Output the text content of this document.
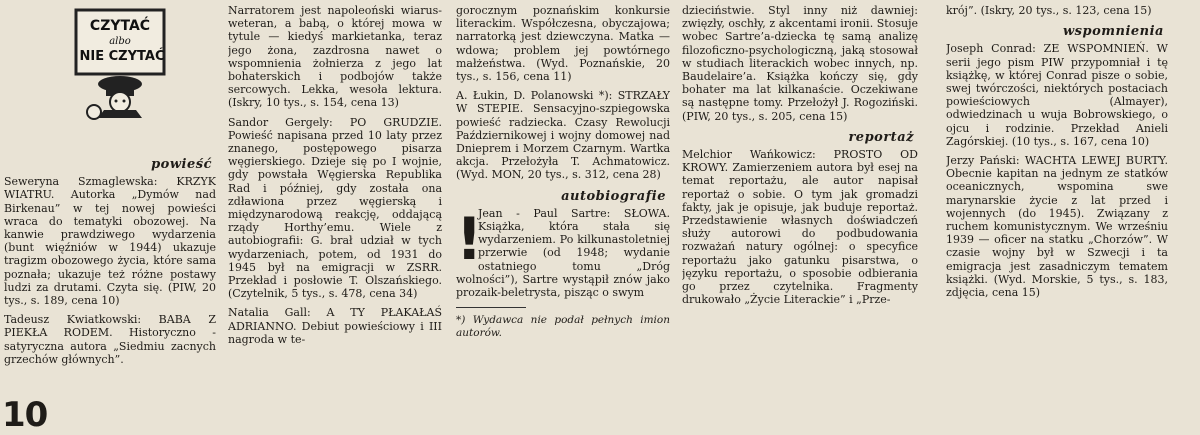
CZYTAĆ
albo
NIE CZYTAĆ
powieść

Seweryna Szmaglewska: KRZYK WIATRU. Autorka „Dymów nad Birkenau” w tej nowej powieści wraca do tematyki obozowej. Na kanwie prawdziwego wydarzenia (bunt więźniów w 1944) ukazuje tragizm obozowego życia, które sama poznała; ukazuje też różne postawy ludzi za drutami. Czyta się. (PIW, 20 tys., s. 189, cena 10)

Tadeusz Kwiatkowski: BABA Z PIEKŁA RODEM. Historyczno - satyryczna autora „Siedmiu zacnych grzechów głównych”.

Narratorem jest napoleoński wiarus-weteran, a babą, o której mowa w tytule — kiedyś markietanka, teraz jego żona, zazdrosna nawet o wspomnienia żołnierza z jego lat bohaterskich i podbojów także sercowych. Lekka, wesoła lektura. (Iskry, 10 tys., s. 154, cena 13)

Sandor Gergely: PO GRUDZIE. Powieść napisana przed 10 laty przez znanego, postępowego pisarza węgierskiego. Dzieje się po I wojnie, gdy powstała Węgierska Republika Rad i później, gdy została ona zdławiona przez węgierską i międzynarodową reakcję, oddającą rządy Horthy’emu. Wiele z autobiografii: G. brał udział w tych wydarzeniach, potem, od 1931 do 1945 był na emigracji w ZSRR. Przekład i posłowie T. Olszańskiego. (Czytelnik, 5 tys., s. 478, cena 34)

Natalia Gall: A TY PŁAKAŁAŚ ADRIANNO. Debiut powieściowy i III nagroda w te-

gorocznym poznańskim konkursie literackim. Współczesna, obyczajowa; narratorką jest dziewczyna. Matka — wdowa; problem jej powtórnego małżeństwa. (Wyd. Poznańskie, 20 tys., s. 156, cena 11)

A. Łukin, D. Polanowski *): STRZAŁY W STEPIE. Sensacyjno-szpiegowska powieść radziecka. Czasy Rewolucji Październikowej i wojny domowej nad Dnieprem i Morzem Czarnym. Wartka akcja. Przełożyła T. Achmatowicz. (Wyd. MON, 20 tys., s. 312, cena 28)

autobiografie
!

Jean - Paul Sartre: SŁOWA. Książka, która stała się wydarzeniem. Po kilkunastoletniej przerwie (od 1948; wydanie ostatniego tomu „Dróg wolności”), Sartre wystąpił znów jako prozaik-beletrysta, pisząc o swym

*) Wydawca nie podał pełnych imion autorów.

dzieciństwie. Styl inny niż dawniej: zwięzły, oschły, z akcentami ironii. Stosuje wobec Sartre’a-dziecka tę samą analizę filozoficzno-psychologiczną, jaką stosował w studiach literackich wobec innych, np. Baudelaire’a. Książka kończy się, gdy bohater ma lat kilkanaście. Oczekiwane są następne tomy. Przełożył J. Rogoziński. (PIW, 20 tys., s. 205, cena 15)

reportaż

Melchior Wańkowicz: PROSTO OD KROWY. Zamierzeniem autora był esej na temat reportażu, ale autor napisał reportaż o sobie. O tym jak gromadzi fakty, jak je opisuje, jak buduje reportaż. Przedstawienie własnych doświadczeń służy autorowi do podbudowania rozważań natury ogólnej: o specyfice reportażu jako gatunku pisarstwa, o języku reportażu, o sposobie odbierania go przez czytelnika. Fragmenty drukowało „Życie Literackie” i „Prze-

krój”. (Iskry, 20 tys., s. 123, cena 15)

wspomnienia

Joseph Conrad: ZE WSPOMNIEŃ. W serii jego pism PIW przypomniał i tę książkę, w której Conrad pisze o sobie, swej twórczości, niektórych postaciach powieściowych (Almayer), odwiedzinach u wuja Bobrowskiego, o ojcu i rodzinie. Przekład Anieli Zagórskiej. (10 tys., s. 167, cena 10)

Jerzy Pański: WACHTA LEWEJ BURTY. Obecnie kapitan na jednym ze statków oceanicznych, wspomina swe marynarskie życie z lat przed i wojennych (do 1945). Związany z ruchem komunistycznym. We wrześniu 1939 — oficer na statku „Chorzów”. W czasie wojny był w Szwecji i ta emigracja jest zasadniczym tematem książki. (Wyd. Morskie, 5 tys., s. 183, zdjęcia, cena 15)

10
